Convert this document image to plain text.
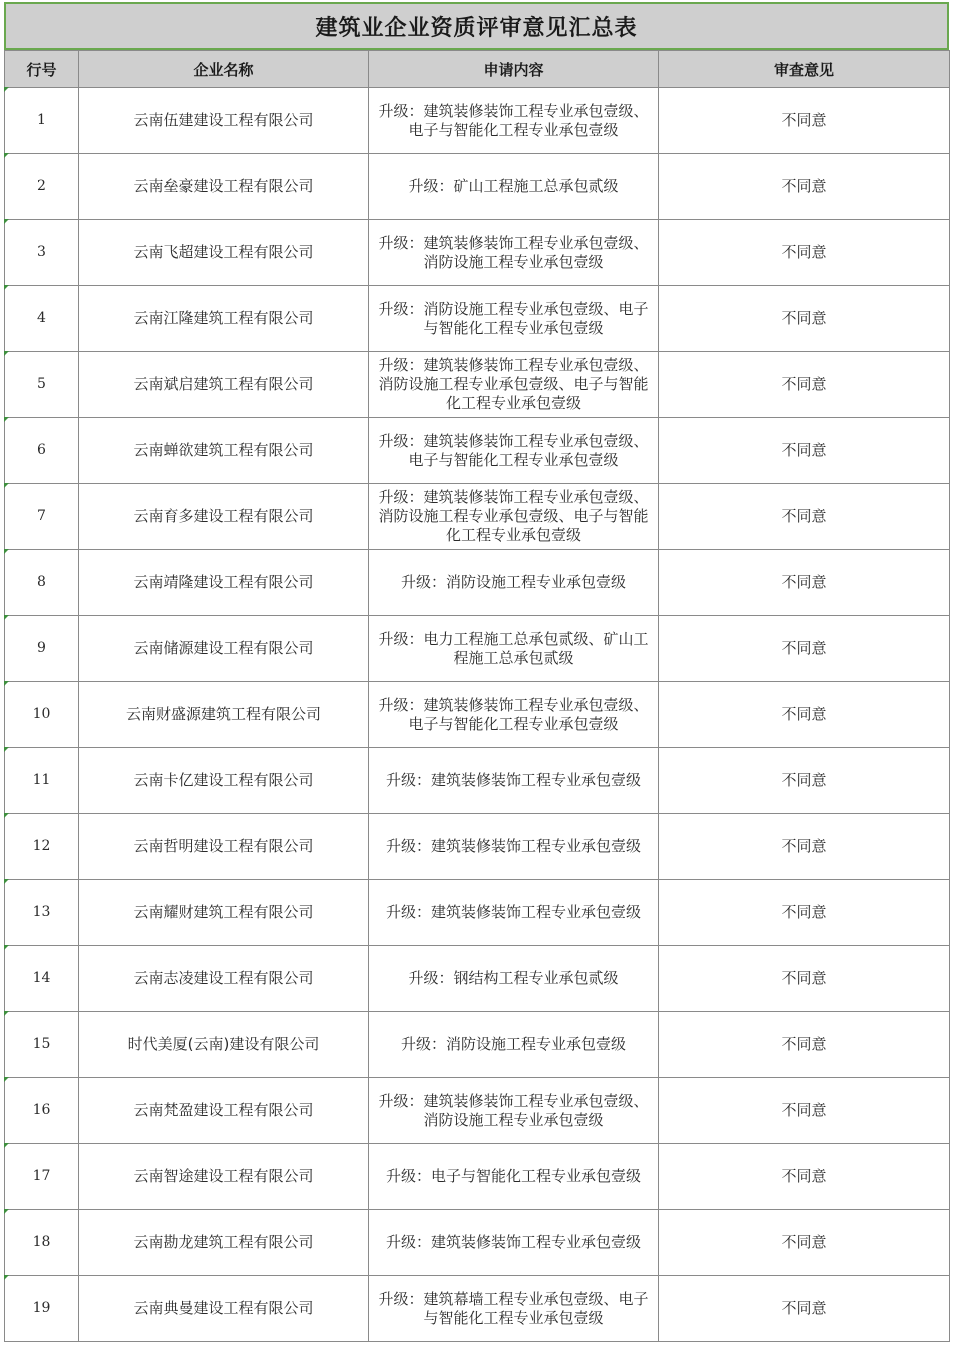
建筑业企业资质评审意见汇总表
行号	企业名称	申请内容	审查意见
1	云南伍建建设工程有限公司	升级：建筑装修装饰工程专业承包壹级、电子与智能化工程专业承包壹级	不同意
2	云南垒豪建设工程有限公司	升级：矿山工程施工总承包贰级	不同意
3	云南飞超建设工程有限公司	升级：建筑装修装饰工程专业承包壹级、消防设施工程专业承包壹级	不同意
4	云南江隆建筑工程有限公司	升级：消防设施工程专业承包壹级、电子与智能化工程专业承包壹级	不同意
5	云南斌启建筑工程有限公司	升级：建筑装修装饰工程专业承包壹级、消防设施工程专业承包壹级、电子与智能化工程专业承包壹级	不同意
6	云南蝉欲建筑工程有限公司	升级：建筑装修装饰工程专业承包壹级、电子与智能化工程专业承包壹级	不同意
7	云南育多建设工程有限公司	升级：建筑装修装饰工程专业承包壹级、消防设施工程专业承包壹级、电子与智能化工程专业承包壹级	不同意
8	云南靖隆建设工程有限公司	升级：消防设施工程专业承包壹级	不同意
9	云南储源建设工程有限公司	升级：电力工程施工总承包贰级、矿山工程施工总承包贰级	不同意
10	云南财盛源建筑工程有限公司	升级：建筑装修装饰工程专业承包壹级、电子与智能化工程专业承包壹级	不同意
11	云南卡亿建设工程有限公司	升级：建筑装修装饰工程专业承包壹级	不同意
12	云南哲明建设工程有限公司	升级：建筑装修装饰工程专业承包壹级	不同意
13	云南耀财建筑工程有限公司	升级：建筑装修装饰工程专业承包壹级	不同意
14	云南志凌建设工程有限公司	升级：钢结构工程专业承包贰级	不同意
15	时代美厦(云南)建设有限公司	升级：消防设施工程专业承包壹级	不同意
16	云南梵盈建设工程有限公司	升级：建筑装修装饰工程专业承包壹级、消防设施工程专业承包壹级	不同意
17	云南智途建设工程有限公司	升级：电子与智能化工程专业承包壹级	不同意
18	云南勘龙建筑工程有限公司	升级：建筑装修装饰工程专业承包壹级	不同意
19	云南典曼建设工程有限公司	升级：建筑幕墙工程专业承包壹级、电子与智能化工程专业承包壹级	不同意
